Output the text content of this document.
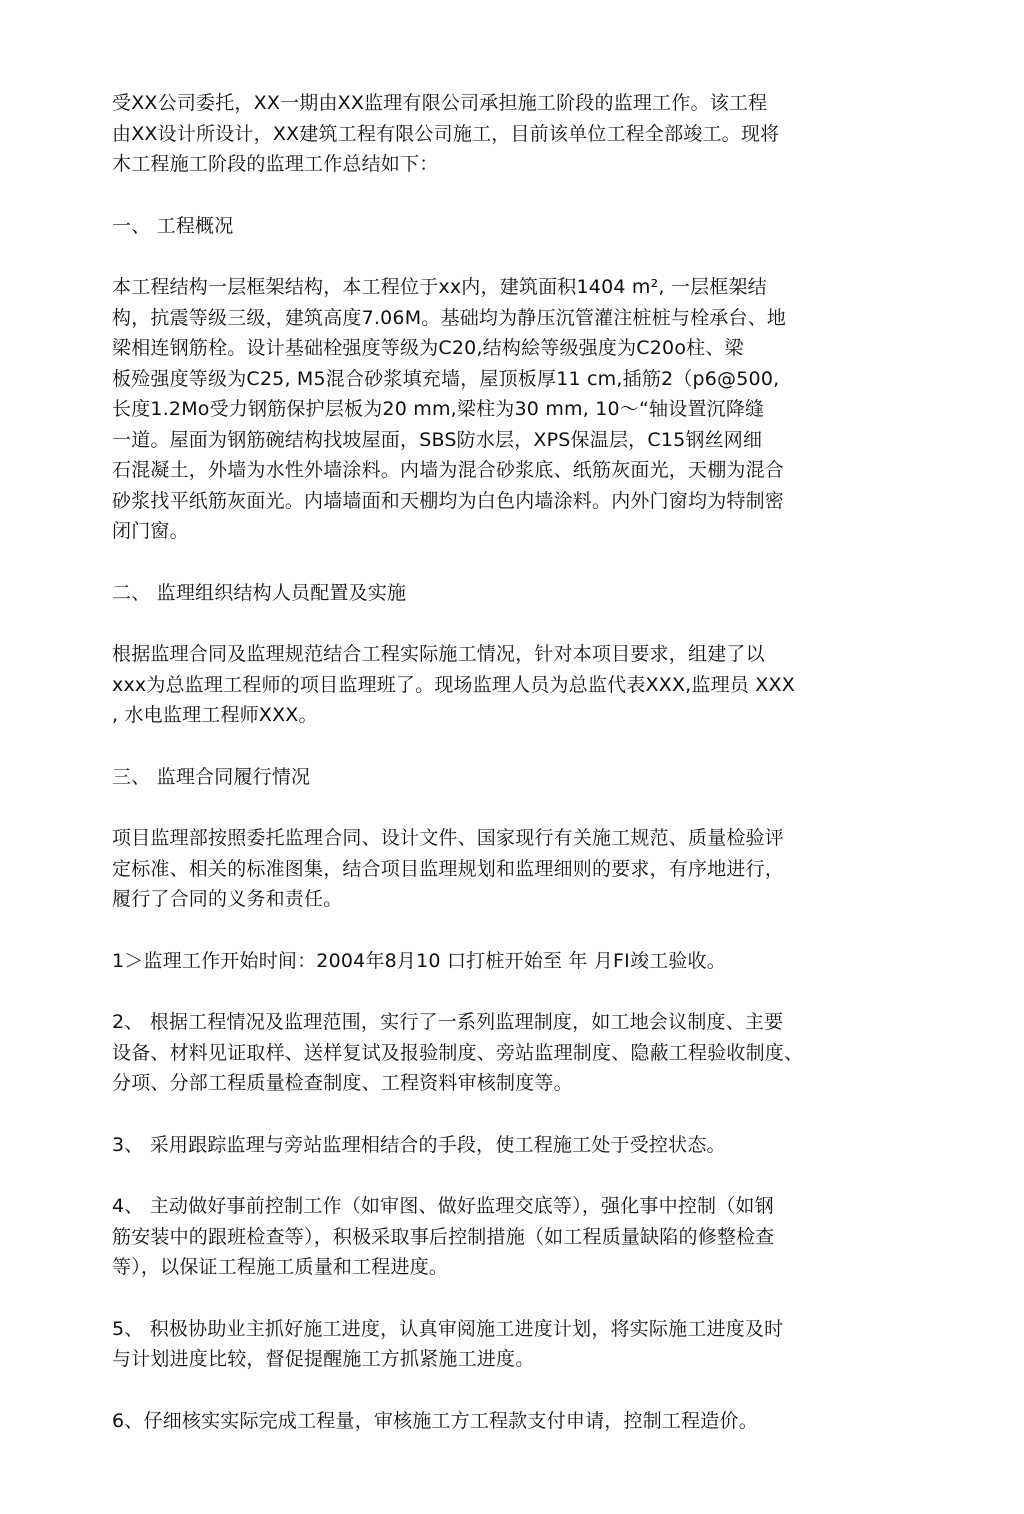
受XX公司委托，XX一期由XX监理有限公司承担施工阶段的监理工作。该工程
由XX设计所设计，XX建筑工程有限公司施工，目前该单位工程全部竣工。现将
木工程施工阶段的监理工作总结如下：

一、 工程概况

本工程结构一层框架结构，本工程位于xx内，建筑面积1404 m², 一层框架结
构，抗震等级三级，建筑高度7.06M。基础均为静压沉管灌注桩桩与栓承台、地
梁相连钢筋栓。设计基础栓强度等级为C20,结构絵等级强度为C20o柱、梁
板殓强度等级为C25, M5混合砂浆填充墙，屋顶板厚11 cm,插筋2（p6@500,
长度1.2Mo受力钢筋保护层板为20 mm,梁柱为30 mm, 10～“轴设置沉降缝
一道。屋面为钢筋碗结构找坡屋面，SBS防水层，XPS保温层，C15钢丝网细
石混凝土，外墙为水性外墙涂料。内墙为混合砂浆底、纸筋灰面光，天棚为混合
砂浆找平纸筋灰面光。内墙墙面和天棚均为白色内墙涂料。内外门窗均为特制密
闭门窗。

二、 监理组织结构人员配置及实施

根据监理合同及监理规范结合工程实际施工情况，针对本项目要求，组建了以
xxx为总监理工程师的项目监理班了。现场监理人员为总监代表XXX,监理员 XXX
, 水电监理工程师XXX。

三、 监理合同履行情况

项目监理部按照委托监理合同、设计文件、国家现行有关施工规范、质量检验评
定标准、相关的标准图集，结合项目监理规划和监理细则的要求，有序地进行，
履行了合同的义务和责任。

1＞监理工作开始时间：2004年8月10 口打桩开始至 年 月FI竣工验收。

2、 根据工程情况及监理范围，实行了一系列监理制度，如工地会议制度、主要
设备、材料见证取样、送样复试及报验制度、旁站监理制度、隐蔽工程验收制度、
分项、分部工程质量检查制度、工程资料审核制度等。

3、 采用跟踪监理与旁站监理相结合的手段，使工程施工处于受控状态。

4、 主动做好事前控制工作（如审图、做好监理交底等），强化事中控制（如钢
筋安装中的跟班检查等），积极采取事后控制措施（如工程质量缺陷的修整检查
等），以保证工程施工质量和工程进度。

5、 积极协助业主抓好施工进度，认真审阅施工进度计划，将实际施工进度及时
与计划进度比较，督促提醒施工方抓紧施工进度。

6、仔细核实实际完成工程量，审核施工方工程款支付申请，控制工程造价。
